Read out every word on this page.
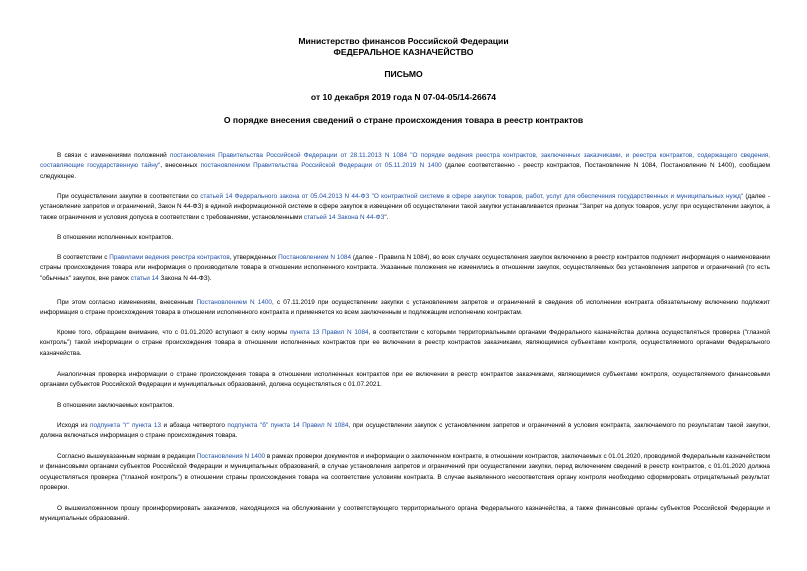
Министерство финансов Российской Федерации
ФЕДЕРАЛЬНОЕ КАЗНАЧЕЙСТВО
ПИСЬМО
от 10 декабря 2019 года N 07-04-05/14-26674
О порядке внесения сведений о стране происхождения товара в реестр контрактов

В связи с изменениями положений постановления Правительства Российской Федерации от 28.11.2013 N 1084 "О порядке ведения реестра контрактов, заключенных заказчиками, и реестра контрактов, содержащего сведения, составляющие государственную тайну", внесенных постановлением Правительства Российской Федерации от 05.11.2019 N 1400 (далее соответственно - реестр контрактов, Постановление N 1084, Постановление N 1400), сообщаем следующее.

При осуществлении закупки в соответствии со статьей 14 Федерального закона от 05.04.2013 N 44-ФЗ "О контрактной системе в сфере закупок товаров, работ, услуг для обеспечения государственных и муниципальных нужд" (далее - установление запретов и ограничений, Закон N 44-ФЗ) в единой информационной системе в сфере закупок в извещении об осуществлении такой закупки устанавливается признак "Запрет на допуск товаров, услуг при осуществлении закупок, а также ограничения и условия допуска в соответствии с требованиями, установленными статьей 14 Закона N 44-ФЗ".

В отношении исполненных контрактов.

В соответствии с Правилами ведения реестра контрактов, утвержденных Постановлением N 1084 (далее - Правила N 1084), во всех случаях осуществления закупок включению в реестр контрактов подлежит информация о наименовании страны происхождения товара или информация о производителе товара в отношении исполненного контракта. Указанные положения не изменились в отношении закупок, осуществляемых без установления запретов и ограничений (то есть "обычных" закупок, вне рамок статьи 14 Закона N 44-ФЗ).

При этом согласно изменениям, внесенным Постановлением N 1400, с 07.11.2019 при осуществлении закупки с установлением запретов и ограничений в сведения об исполнении контракта обязательному включению подлежит информация о стране происхождения товара в отношении исполненного контракта и применяется ко всем заключенным и подлежащим исполнению контрактам.

Кроме того, обращаем внимание, что с 01.01.2020 вступают в силу нормы пункта 13 Правил N 1084, в соответствии с которыми территориальными органами Федерального казначейства должна осуществляться проверка ("глазной контроль") такой информации о стране происхождения товара в отношении исполненных контрактов при ее включении в реестр контрактов заказчиками, являющимися субъектами контроля, осуществляемого органами Федерального казначейства.

Аналогичная проверка информации о стране происхождения товара в отношении исполненных контрактов при ее включении в реестр контрактов заказчиками, являющимися субъектами контроля, осуществляемого финансовыми органами субъектов Российской Федерации и муниципальных образований, должна осуществляться с 01.07.2021.

В отношении заключаемых контрактов.

Исходя из подпункта "г" пункта 13 и абзаца четвертого подпункта "б" пункта 14 Правил N 1084, при осуществлении закупок с установлением запретов и ограничений в условия контракта, заключаемого по результатам такой закупки, должна включаться информация о стране происхождения товара.

Согласно вышеуказанным нормам в редакции Постановления N 1400 в рамках проверки документов и информации о заключенном контракте, в отношении контрактов, заключаемых с 01.01.2020, проводимой Федеральным казначейством и финансовыми органами субъектов Российской Федерации и муниципальных образований, в случае установления запретов и ограничений при осуществлении закупки, перед включением сведений в реестр контрактов, с 01.01.2020 должна осуществляться проверка ("глазной контроль") в отношении страны происхождения товара на соответствие условиям контракта. В случае выявленного несоответствия органу контроля необходимо сформировать отрицательный результат проверки.

О вышеизложенном прошу проинформировать заказчиков, находящихся на обслуживании у соответствующего территориального органа Федерального казначейства, а также финансовые органы субъектов Российской Федерации и муниципальных образований.
